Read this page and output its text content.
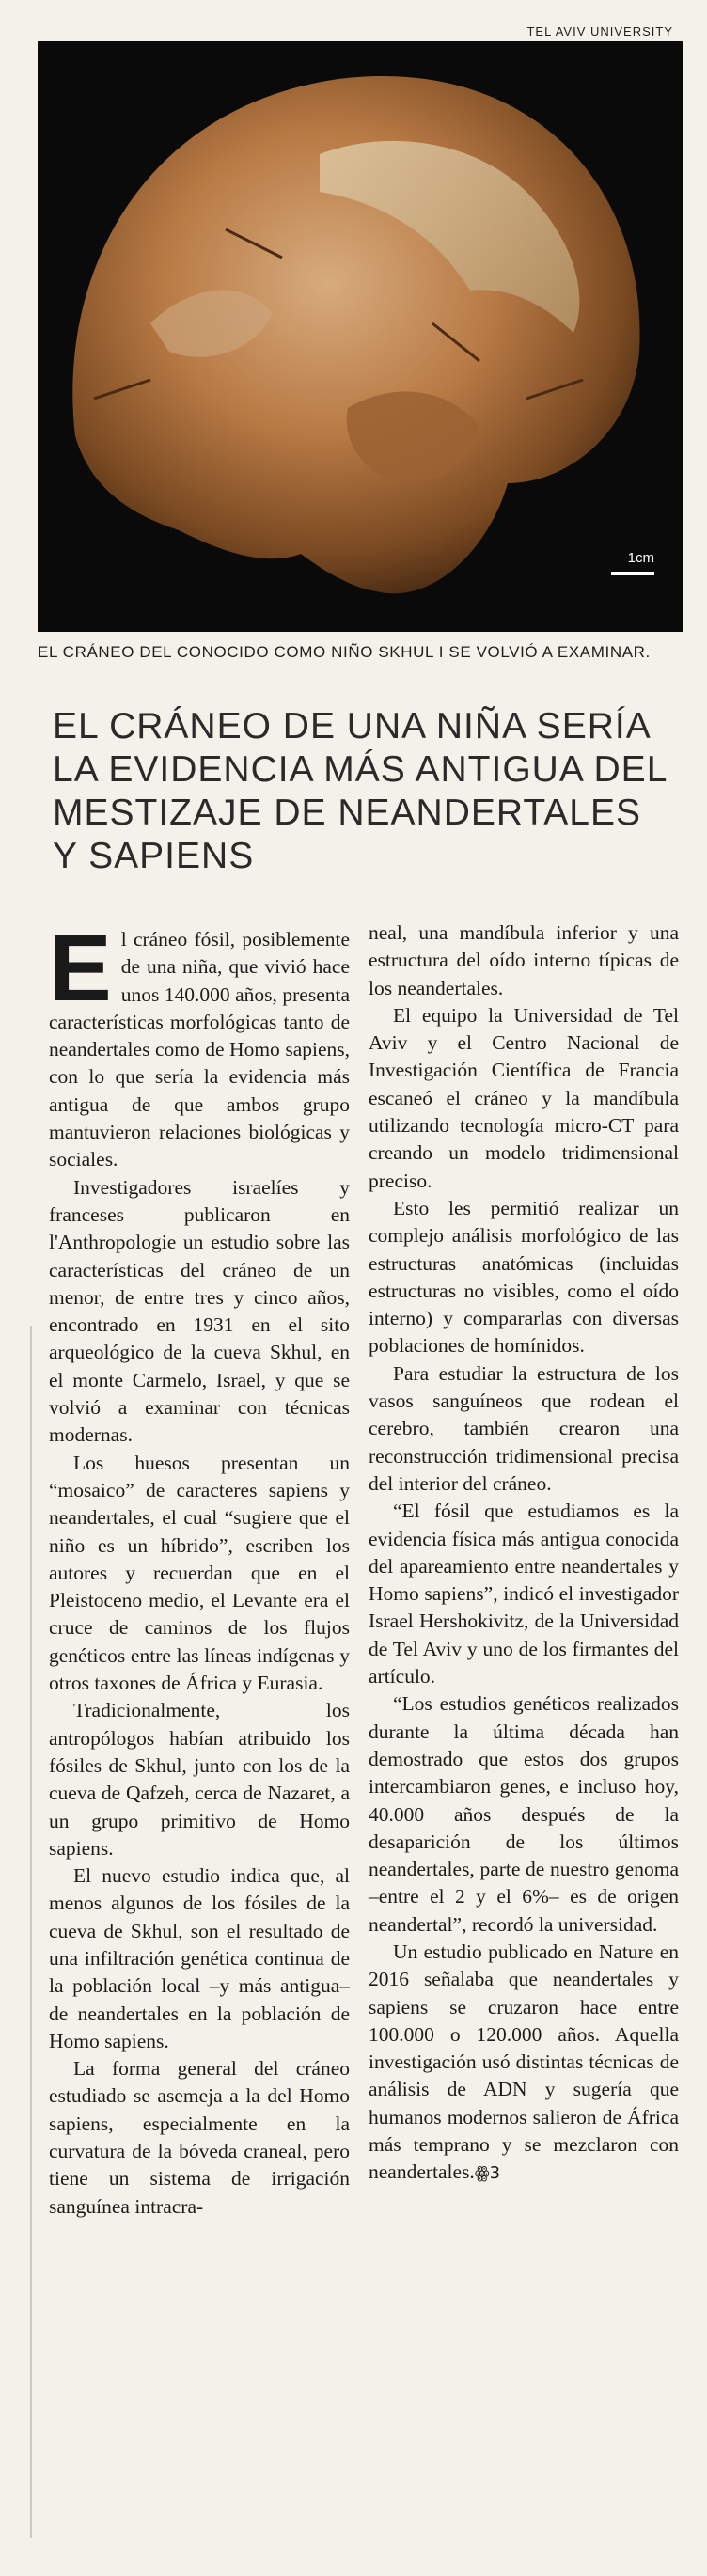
TEL AVIV UNIVERSITY
1cm
EL CRÁNEO DEL CONOCIDO COMO NIÑO SKHUL I SE VOLVIÓ A EXAMINAR.
EL CRÁNEO DE UNA NIÑA SERÍA LA EVIDENCIA MÁS ANTIGUA DEL MESTIZAJE DE NEANDERTALES Y SAPIENS

El cráneo fósil, posiblemente de una niña, que vivió hace unos 140.000 años, presenta características morfológicas tanto de neandertales como de Homo sapiens, con lo que sería la evidencia más antigua de que ambos grupo mantuvieron relaciones biológicas y sociales.

Investigadores israelíes y franceses publicaron en l'Anthropologie un estudio sobre las características del cráneo de un menor, de entre tres y cinco años, encontrado en 1931 en el sito arqueológico de la cueva Skhul, en el monte Carmelo, Israel, y que se volvió a examinar con técnicas modernas.

Los huesos presentan un “mosaico” de caracteres sapiens y neandertales, el cual “sugiere que el niño es un híbrido”, escriben los autores y recuerdan que en el Pleistoceno medio, el Levante era el cruce de caminos de los flujos genéticos entre las líneas indígenas y otros taxones de África y Eurasia.

Tradicionalmente, los antropólogos habían atribuido los fósiles de Skhul, junto con los de la cueva de Qafzeh, cerca de Nazaret, a un grupo primitivo de Homo sapiens.

El nuevo estudio indica que, al menos algunos de los fósiles de la cueva de Skhul, son el resultado de una infiltración genética continua de la población local –y más antigua– de neandertales en la población de Homo sapiens.

La forma general del cráneo estudiado se asemeja a la del Homo sapiens, especialmente en la curvatura de la bóveda craneal, pero tiene un sistema de irrigación sanguínea intracra-

neal, una mandíbula inferior y una estructura del oído interno típicas de los neandertales.

El equipo la Universidad de Tel Aviv y el Centro Nacional de Investigación Científica de Francia escaneó el cráneo y la mandíbula utilizando tecnología micro-CT para creando un modelo tridimensional preciso.

Esto les permitió realizar un complejo análisis morfológico de las estructuras anatómicas (incluidas estructuras no visibles, como el oído interno) y compararlas con diversas poblaciones de homínidos.

Para estudiar la estructura de los vasos sanguíneos que rodean el cerebro, también crearon una reconstrucción tridimensional precisa del interior del cráneo.

“El fósil que estudiamos es la evidencia física más antigua conocida del apareamiento entre neandertales y Homo sapiens”, indicó el investigador Israel Hershokivitz, de la Universidad de Tel Aviv y uno de los firmantes del artículo.

“Los estudios genéticos realizados durante la última década han demostrado que estos dos grupos intercambiaron genes, e incluso hoy, 40.000 años después de la desaparición de los últimos neandertales, parte de nuestro genoma –entre el 2 y el 6%– es de origen neandertal”, recordó la universidad.

Un estudio publicado en Nature en 2016 señalaba que neandertales y sapiens se cruzaron hace entre 100.000 o 120.000 años. Aquella investigación usó distintas técnicas de análisis de ADN y sugería que humanos modernos salieron de África más temprano y se mezclaron con neandertales.ꙮ3
